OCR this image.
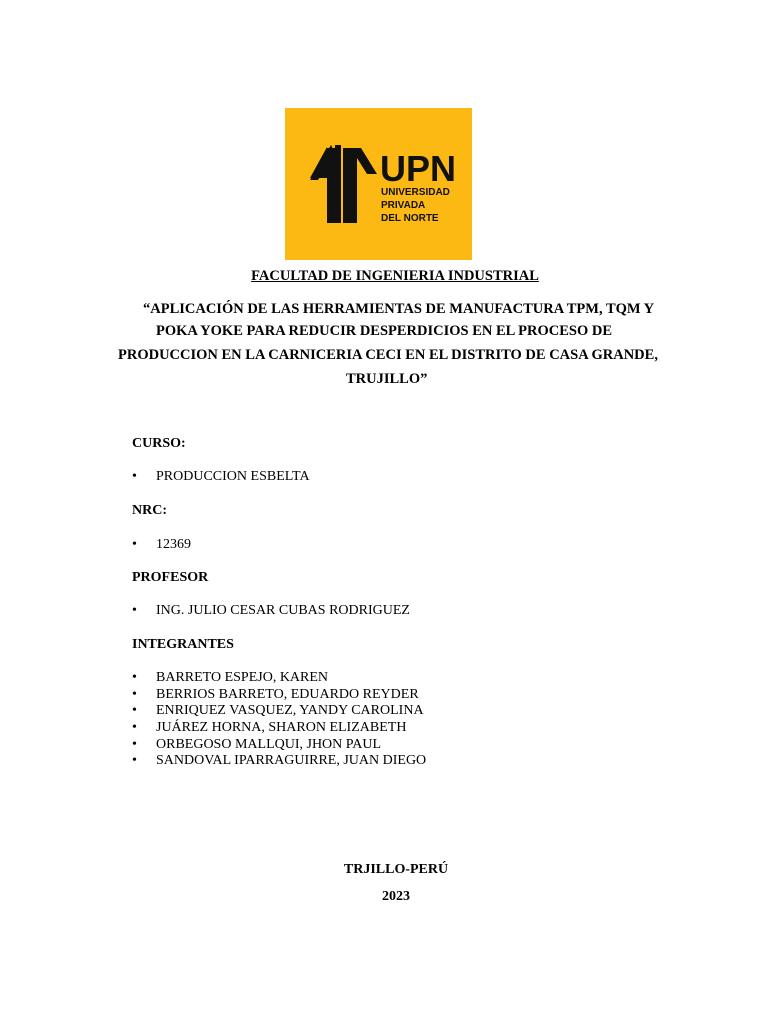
UPN
UNIVERSIDAD
PRIVADA
DEL NORTE
FACULTAD DE INGENIERIA INDUSTRIAL
“APLICACIÓN DE LAS HERRAMIENTAS DE MANUFACTURA TPM, TQM Y
POKA YOKE PARA REDUCIR DESPERDICIOS EN EL PROCESO DE
PRODUCCION EN LA CARNICERIA CECI EN EL DISTRITO DE CASA GRANDE,
TRUJILLO”
CURSO:
• PRODUCCION ESBELTA
NRC:
• 12369
PROFESOR
• ING. JULIO CESAR CUBAS RODRIGUEZ
INTEGRANTES
• BARRETO ESPEJO, KAREN
• BERRIOS BARRETO, EDUARDO REYDER
• ENRIQUEZ VASQUEZ, YANDY CAROLINA
• JUÁREZ HORNA, SHARON ELIZABETH
• ORBEGOSO MALLQUI, JHON PAUL
• SANDOVAL IPARRAGUIRRE, JUAN DIEGO
TRJILLO-PERÚ
2023
